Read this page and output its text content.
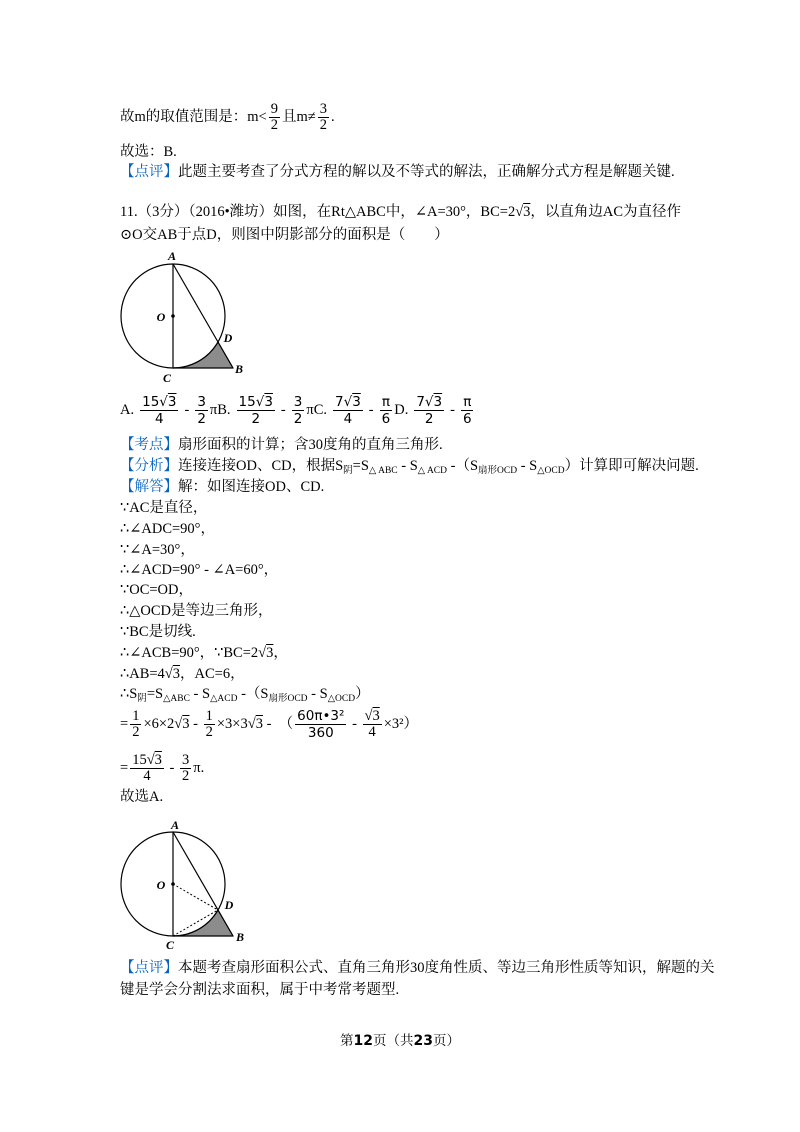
故m的取值范围是：$m< \frac{9}{2}$ 且$m\ne \frac{3}{2}$ .
故选：B.
【点评】此题主要考查了分式方程的解以及不等式的解法，正确解分式方程是解题关键.
11.（3分）（2016•潍坊）如图，在Rt△ABC中，∠A=30°，BC=2√3，以直角边AC为直径作
⊙O交AB于点D，则图中阴影部分的面积是（　　）
A
O
D
C
B
A. $\frac{15√3}{4} - \frac{3}{2}$ π B. $\frac{15√3}{2} - \frac{3}{2}$ π C. $\frac{7√3}{4} - \frac{\pi}{6} D$. $\frac{7√3}{2} - \frac{\pi}{6}$
【考点】扇形面积的计算；含30度角的直角三角形.
【分析】连接连接OD、CD，根据$S_阴=S_{\triangle ABC} - S_{\triangle ACD}$ $-(S_{扇形OCD} - S_{\triangle OCD})$计算即可解决问题.
【解答】解：如图连接OD、CD.
∵AC是直径，
∴∠ADC=90°，
∵∠A=30°，
∴∠ACD=90° - ∠A=60°，
∵OC=OD，
∴△OCD是等边三角形，
∵BC是切线.
∴∠ACB=90°，∵BC=2√3，
∴AB=4√3，AC=6，
$\therefore S_阴=S_{\triangle ABC} - S_{\triangle ACD}$ $-(S_{扇形OCD} - S_{\triangle OCD})$
= $\frac{1}{2} \times 6\times 2√3 - \frac{1}{2} \times 3\times 3√3$ -  （ $\frac{\text{60π•3²}}{360} - \frac{√3}{4} \times 3^2$）
= $\frac{15√3}{4} - \frac{3}{2} \pi$.
故选A.
A
O
D
C
B
【点评】本题考查扇形面积公式、直角三角形30度角性质、等边三角形性质等知识，解题的关
键是学会分割法求面积，属于中考常考题型.
第12页（共23页）
